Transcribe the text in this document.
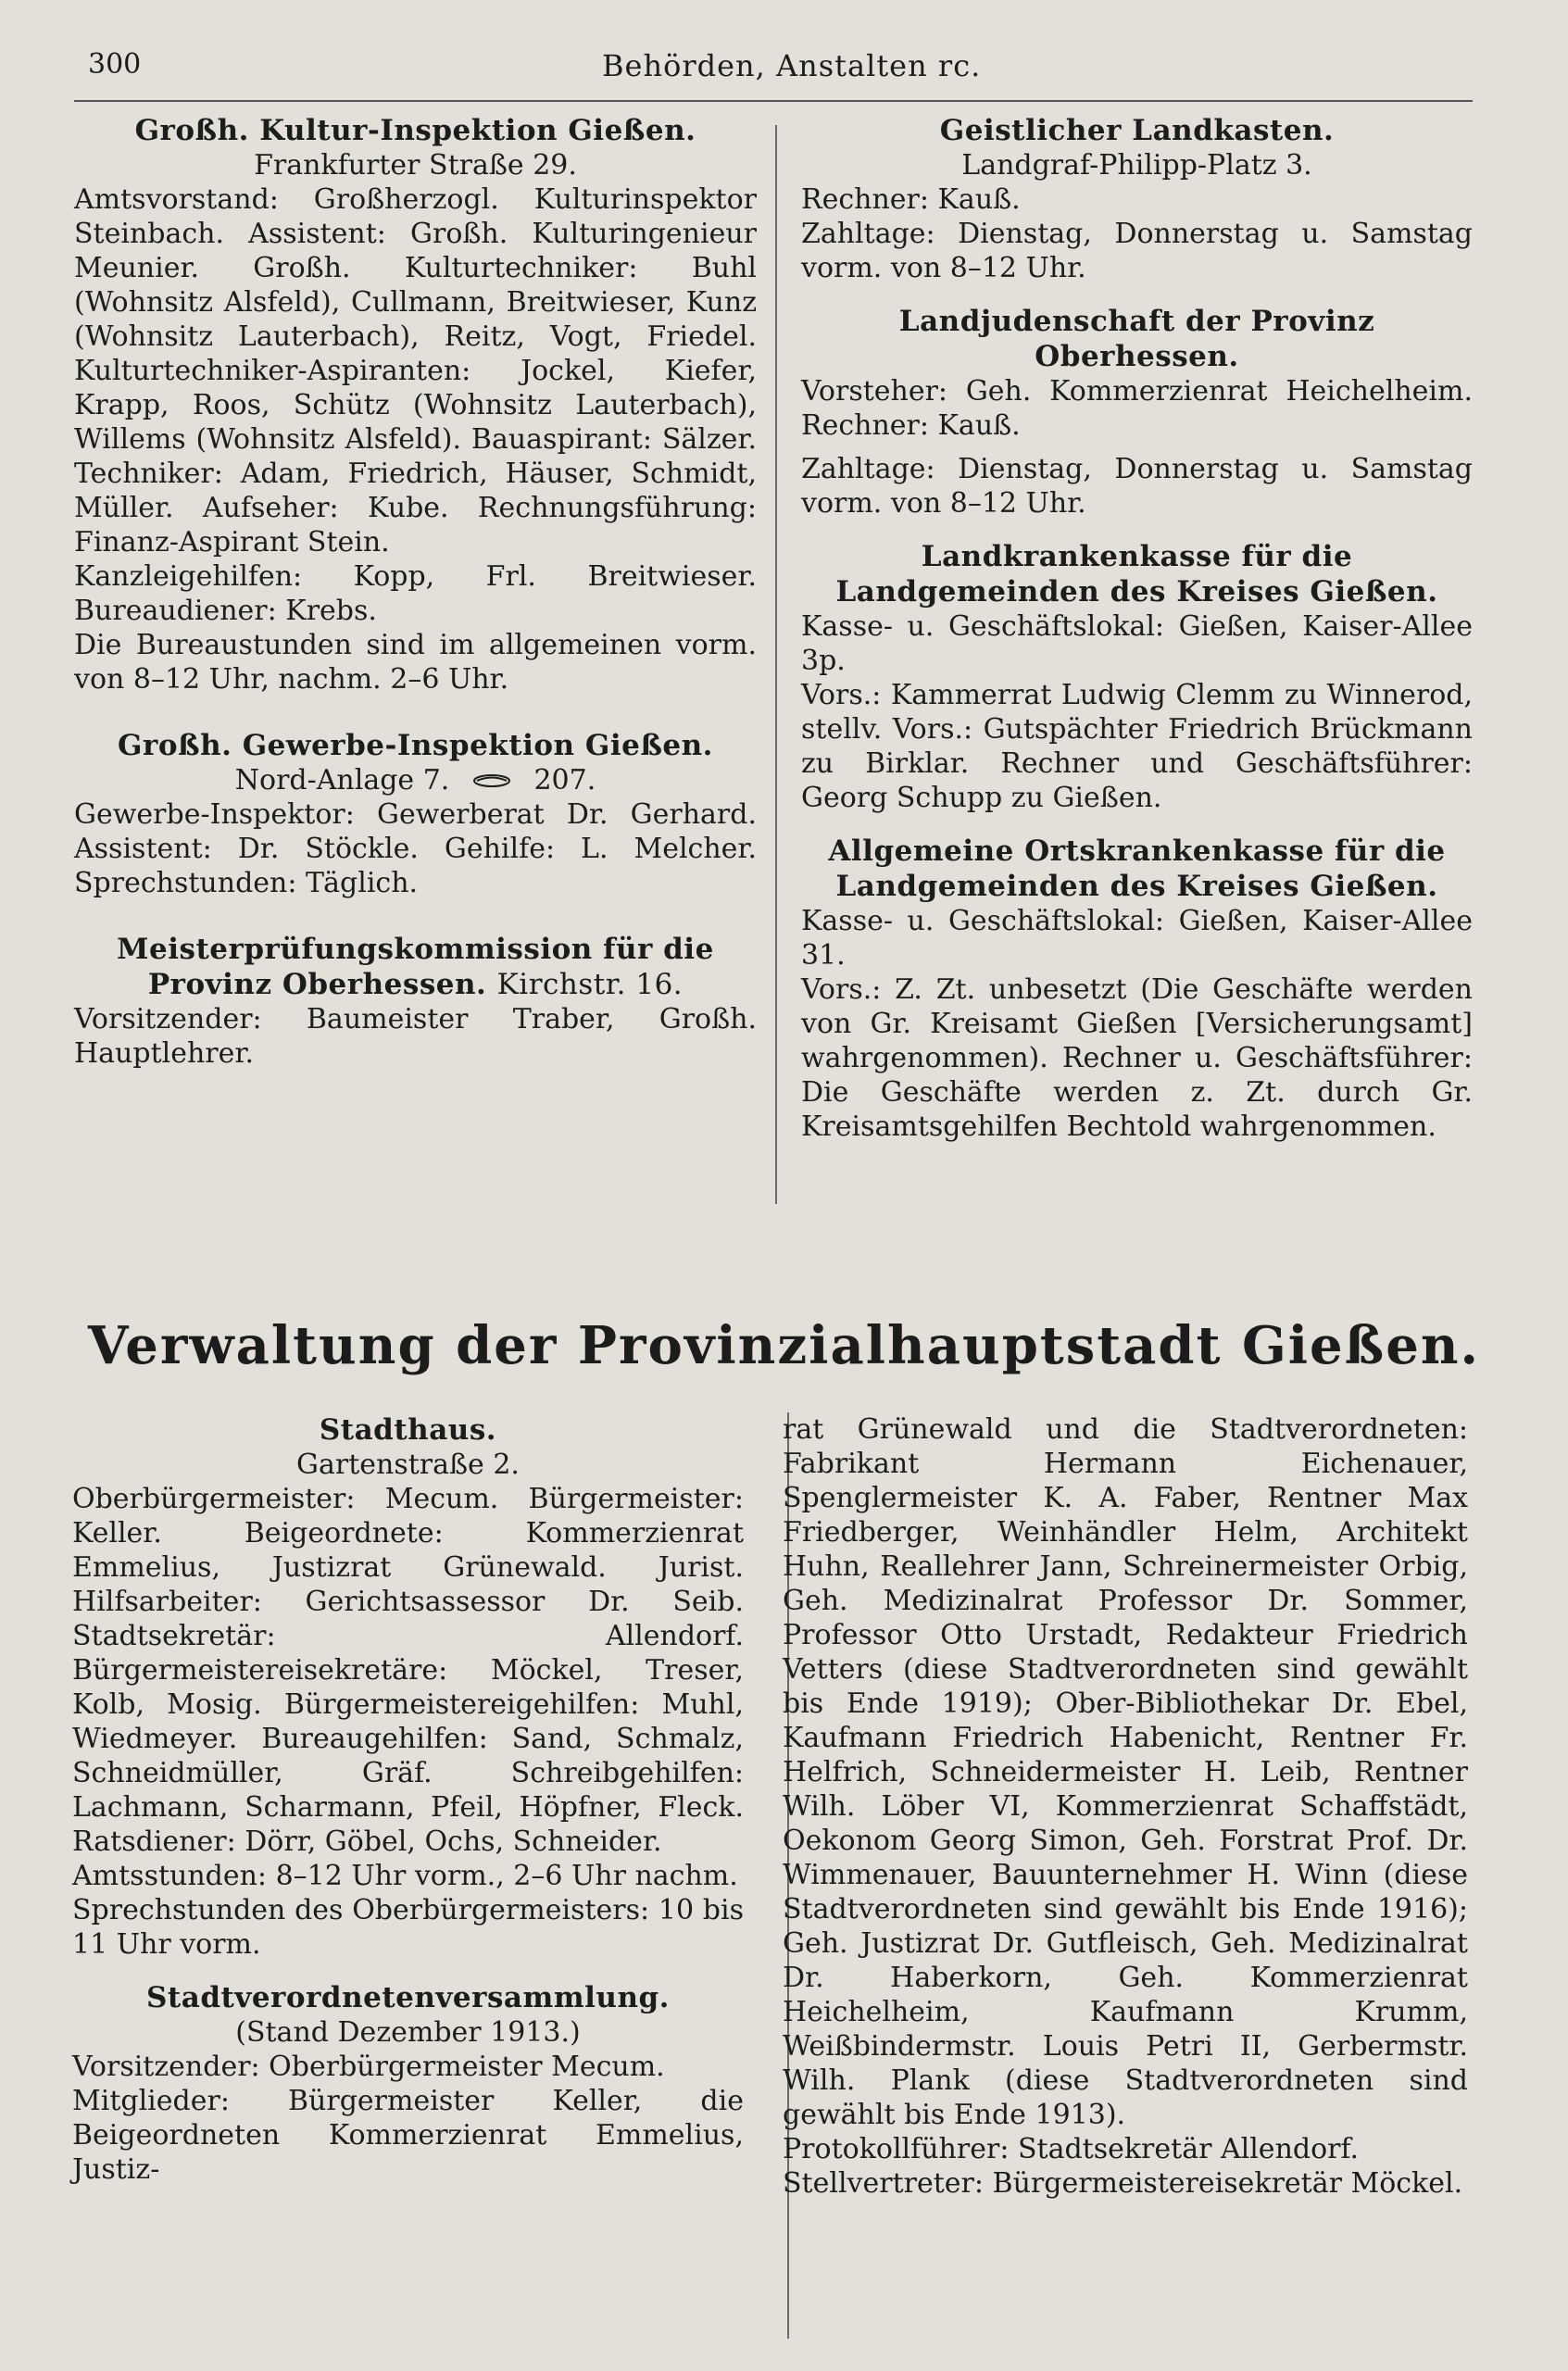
300	Behörden, Anstalten rc.
Großh. Kultur-Inspektion Gießen.
Frankfurter Straße 29.

Amtsvorstand: Großherzogl. Kulturinspektor Steinbach. Assistent: Großh. Kulturingenieur Meunier. Großh. Kulturtechniker: Buhl (Wohnsitz Alsfeld), Cullmann, Breitwieser, Kunz (Wohnsitz Lauterbach), Reitz, Vogt, Friedel. Kulturtechniker-Aspiranten: Jockel, Kiefer, Krapp, Roos, Schütz (Wohnsitz Lauterbach), Willems (Wohnsitz Alsfeld). Bauaspirant: Sälzer. Techniker: Adam, Friedrich, Häuser, Schmidt, Müller. Aufseher: Kube. Rechnungsführung: Finanz-Aspirant Stein.

Kanzleigehilfen: Kopp, Frl. Breitwieser. Bureaudiener: Krebs.

Die Bureaustunden sind im allgemeinen vorm. von 8–12 Uhr, nachm. 2–6 Uhr.

Großh. Gewerbe-Inspektion Gießen.
Nord-Anlage 7.	207.

Gewerbe-Inspektor: Gewerberat Dr. Gerhard. Assistent: Dr. Stöckle. Gehilfe: L. Melcher. Sprechstunden: Täglich.

Meisterprüfungskommission für die Provinz Oberhessen. Kirchstr. 16.

Vorsitzender: Baumeister Traber, Großh. Hauptlehrer.

Geistlicher Landkasten.
Landgraf-Philipp-Platz 3.

Rechner: Kauß.

Zahltage: Dienstag, Donnerstag u. Samstag vorm. von 8–12 Uhr.

Landjudenschaft der Provinz Oberhessen.

Vorsteher: Geh. Kommerzienrat Heichelheim. Rechner: Kauß.

Zahltage: Dienstag, Donnerstag u. Samstag vorm. von 8–12 Uhr.

Landkrankenkasse für die Landgemeinden des Kreises Gießen.

Kasse- u. Geschäftslokal: Gießen, Kaiser-Allee 3p.

Vors.: Kammerrat Ludwig Clemm zu Winnerod, stellv. Vors.: Gutspächter Friedrich Brückmann zu Birklar. Rechner und Geschäftsführer: Georg Schupp zu Gießen.

Allgemeine Ortskrankenkasse für die Landgemeinden des Kreises Gießen.

Kasse- u. Geschäftslokal: Gießen, Kaiser-Allee 31.

Vors.: Z. Zt. unbesetzt (Die Geschäfte werden von Gr. Kreisamt Gießen [Versicherungsamt] wahrgenommen). Rechner u. Geschäftsführer: Die Geschäfte werden z. Zt. durch Gr. Kreisamtsgehilfen Bechtold wahrgenommen.

Verwaltung der Provinzialhauptstadt Gießen.
Stadthaus.
Gartenstraße 2.

Oberbürgermeister: Mecum. Bürgermeister: Keller. Beigeordnete: Kommerzienrat Emmelius, Justizrat Grünewald. Jurist. Hilfsarbeiter: Gerichtsassessor Dr. Seib. Stadtsekretär: Allendorf. Bürgermeistereisekretäre: Möckel, Treser, Kolb, Mosig. Bürgermeistereigehilfen: Muhl, Wiedmeyer. Bureaugehilfen: Sand, Schmalz, Schneidmüller, Gräf. Schreibgehilfen: Lachmann, Scharmann, Pfeil, Höpfner, Fleck. Ratsdiener: Dörr, Göbel, Ochs, Schneider.

Amtsstunden: 8–12 Uhr vorm., 2–6 Uhr nachm.

Sprechstunden des Oberbürgermeisters: 10 bis 11 Uhr vorm.

Stadtverordnetenversammlung.
(Stand Dezember 1913.)

Vorsitzender: Oberbürgermeister Mecum.

Mitglieder: Bürgermeister Keller, die Beigeordneten Kommerzienrat Emmelius, Justiz-

rat Grünewald und die Stadtverordneten: Fabrikant Hermann Eichenauer, Spenglermeister K. A. Faber, Rentner Max Friedberger, Weinhändler Helm, Architekt Huhn, Reallehrer Jann, Schreinermeister Orbig, Geh. Medizinalrat Professor Dr. Sommer, Professor Otto Urstadt, Redakteur Friedrich Vetters (diese Stadtverordneten sind gewählt bis Ende 1919); Ober-Bibliothekar Dr. Ebel, Kaufmann Friedrich Habenicht, Rentner Fr. Helfrich, Schneidermeister H. Leib, Rentner Wilh. Löber VI, Kommerzienrat Schaffstädt, Oekonom Georg Simon, Geh. Forstrat Prof. Dr. Wimmenauer, Bauunternehmer H. Winn (diese Stadtverordneten sind gewählt bis Ende 1916); Geh. Justizrat Dr. Gutfleisch, Geh. Medizinalrat Dr. Haberkorn, Geh. Kommerzienrat Heichelheim, Kaufmann Krumm, Weißbindermstr. Louis Petri II, Gerbermstr. Wilh. Plank (diese Stadtverordneten sind gewählt bis Ende 1913).

Protokollführer: Stadtsekretär Allendorf.

Stellvertreter: Bürgermeistereisekretär Möckel.
